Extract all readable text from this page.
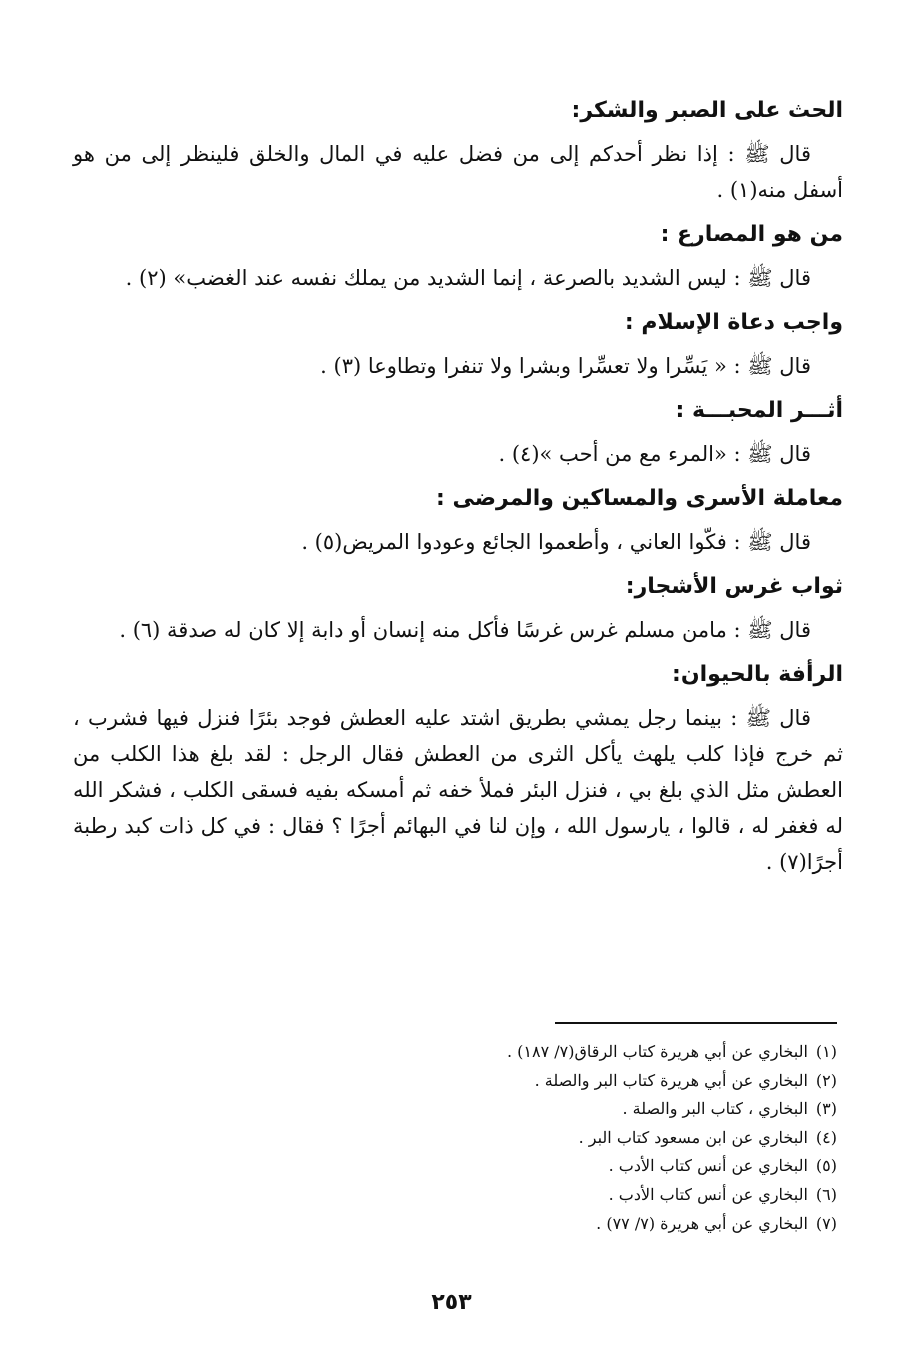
الحث على الصبر والشكر:

قال ﷺ : إذا نظر أحدكم إلى من فضل عليه في المال والخلق فلينظر إلى من هو أسفل منه(١) .

من هو المصارع :

قال ﷺ : ليس الشديد بالصرعة ، إنما الشديد من يملك نفسه عند الغضب» (٢) .

واجب دعاة الإسلام :

قال ﷺ : « يَسِّرا ولا تعسِّرا وبشرا ولا تنفرا وتطاوعا (٣) .

أثـــر المحبـــة :

قال ﷺ : «المرء مع من أحب »(٤) .

معاملة الأسرى والمساكين والمرضى :

قال ﷺ : فكّوا العاني ، وأطعموا الجائع وعودوا المريض(٥) .

ثواب غرس الأشجار:

قال ﷺ : مامن مسلم غرس غرسًا فأكل منه إنسان أو دابة إلا كان له صدقة (٦) .

الرأفة بالحيوان:

قال ﷺ : بينما رجل يمشي بطريق اشتد عليه العطش فوجد بئرًا فنزل فيها فشرب ، ثم خرج فإذا كلب يلهث يأكل الثرى من العطش فقال الرجل : لقد بلغ هذا الكلب من العطش مثل الذي بلغ بي ، فنزل البئر فملأ خفه ثم أمسكه بفيه فسقى الكلب ، فشكر الله له فغفر له ، قالوا ، يارسول الله ، وإن لنا في البهائم أجرًا ؟ فقال : في كل ذات كبد رطبة أجرًا(٧) .

(١)البخاري عن أبي هريرة كتاب الرقاق(٧/ ١٨٧) .

(٢)البخاري عن أبي هريرة كتاب البر والصلة .

(٣)البخاري ، كتاب البر والصلة .

(٤)البخاري عن ابن مسعود كتاب البر .

(٥)البخاري عن أنس كتاب الأدب .

(٦)البخاري عن أنس كتاب الأدب .

(٧)البخاري عن أبي هريرة (٧/ ٧٧) .

٢٥٣
